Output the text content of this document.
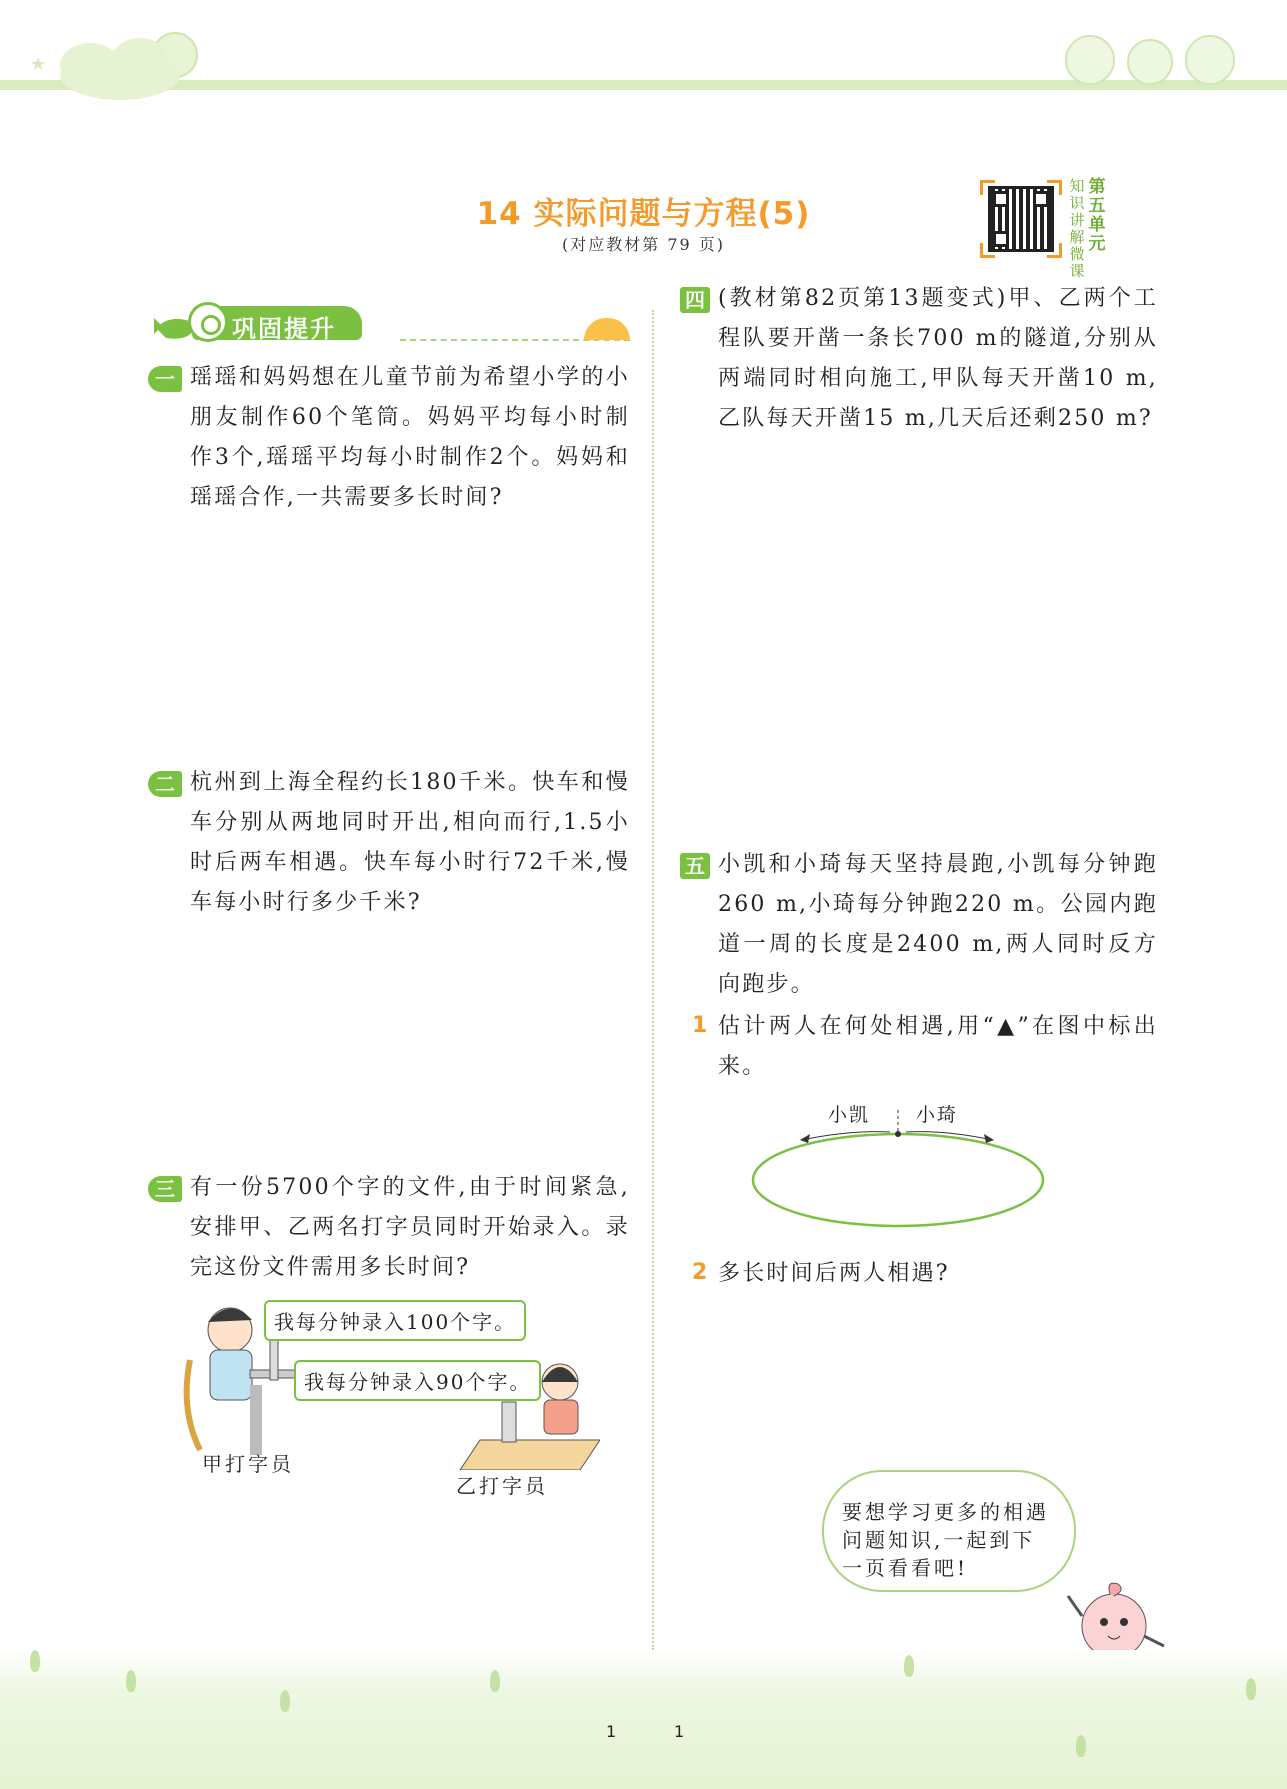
★
14 实际问题与方程(5)
(对应教材第 79 页)
知识讲解微课
第五单元
巩固提升
一 瑶瑶和妈妈想在儿童节前为希望小学的小朋友制作60个笔筒。妈妈平均每小时制作3个,瑶瑶平均每小时制作2个。妈妈和瑶瑶合作,一共需要多长时间?
二 杭州到上海全程约长180千米。快车和慢车分别从两地同时开出,相向而行,1.5小时后两车相遇。快车每小时行72千米,慢车每小时行多少千米?
三 有一份5700个字的文件,由于时间紧急,安排甲、乙两名打字员同时开始录入。录完这份文件需用多长时间?
我每分钟录入100个字。
我每分钟录入90个字。
甲打字员
乙打字员
四 (教材第82页第13题变式)甲、乙两个工程队要开凿一条长700 m的隧道,分别从两端同时相向施工,甲队每天开凿10 m,乙队每天开凿15 m,几天后还剩250 m?
五 小凯和小琦每天坚持晨跑,小凯每分钟跑260 m,小琦每分钟跑220 m。公园内跑道一周的长度是2400 m,两人同时反方向跑步。
1 估计两人在何处相遇,用“▲”在图中标出来。
小凯 小琦
2 多长时间后两人相遇?
要想学习更多的相遇问题知识,一起到下一页看看吧!
1	1
